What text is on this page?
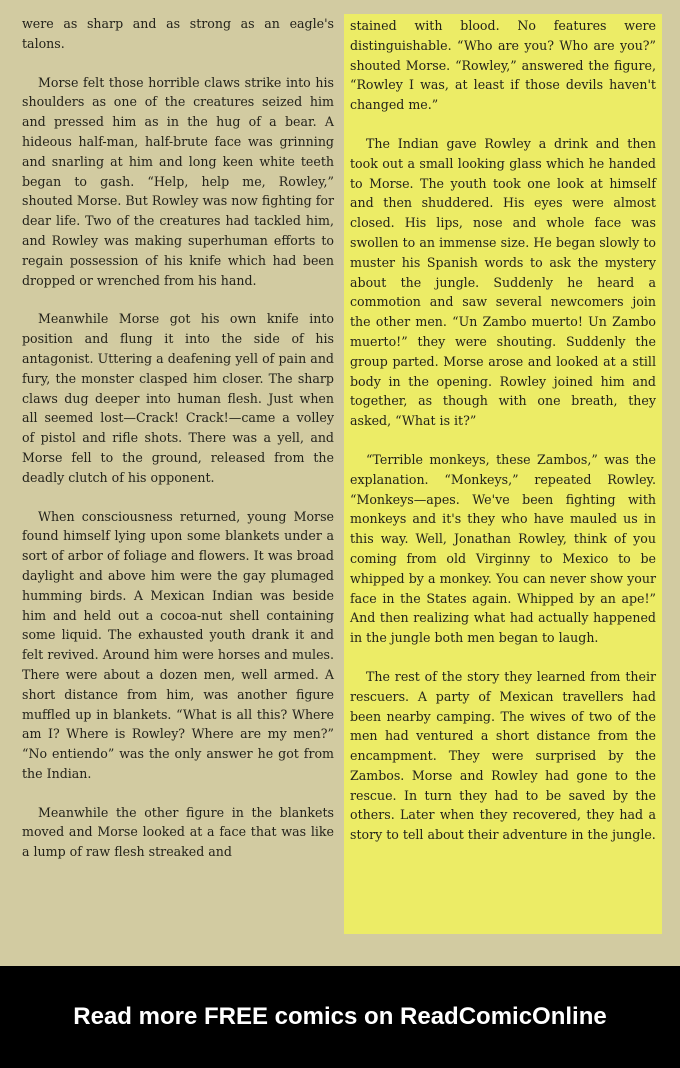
were as sharp and as strong as an eagle's talons.

Morse felt those horrible claws strike into his shoulders as one of the creatures seized him and pressed him as in the hug of a bear. A hideous half-man, half-brute face was grinning and snarling at him and long keen white teeth began to gash. “Help, help me, Rowley,” shouted Morse. But Rowley was now fighting for dear life. Two of the creatures had tackled him, and Rowley was making superhuman efforts to regain possession of his knife which had been dropped or wrenched from his hand.

Meanwhile Morse got his own knife into position and flung it into the side of his antagonist. Uttering a deafening yell of pain and fury, the monster clasped him closer. The sharp claws dug deeper into human flesh. Just when all seemed lost—Crack! Crack!—came a volley of pistol and rifle shots. There was a yell, and Morse fell to the ground, released from the deadly clutch of his opponent.

When consciousness returned, young Morse found himself lying upon some blankets under a sort of arbor of foliage and flowers. It was broad daylight and above him were the gay plumaged humming birds. A Mexican Indian was beside him and held out a cocoa-nut shell containing some liquid. The exhausted youth drank it and felt revived. Around him were horses and mules. There were about a dozen men, well armed. A short distance from him, was another figure muffled up in blankets. “What is all this? Where am I? Where is Rowley? Where are my men?” “No entiendo” was the only answer he got from the Indian.

Meanwhile the other figure in the blankets moved and Morse looked at a face that was like a lump of raw flesh streaked and

stained with blood. No features were distinguishable. “Who are you? Who are you?” shouted Morse. “Rowley,” answered the figure, “Rowley I was, at least if those devils haven't changed me.”

The Indian gave Rowley a drink and then took out a small looking glass which he handed to Morse. The youth took one look at himself and then shuddered. His eyes were almost closed. His lips, nose and whole face was swollen to an immense size. He began slowly to muster his Spanish words to ask the mystery about the jungle. Suddenly he heard a commotion and saw several newcomers join the other men. “Un Zambo muerto! Un Zambo muerto!” they were shouting. Suddenly the group parted. Morse arose and looked at a still body in the opening. Rowley joined him and together, as though with one breath, they asked, “What is it?”

“Terrible monkeys, these Zambos,” was the explanation. “Monkeys,” repeated Rowley. “Monkeys—apes. We've been fighting with monkeys and it's they who have mauled us in this way. Well, Jonathan Rowley, think of you coming from old Virginny to Mexico to be whipped by a monkey. You can never show your face in the States again. Whipped by an ape!” And then realizing what had actually happened in the jungle both men began to laugh.

The rest of the story they learned from their rescuers. A party of Mexican travellers had been nearby camping. The wives of two of the men had ventured a short distance from the encampment. They were surprised by the Zambos. Morse and Rowley had gone to the rescue. In turn they had to be saved by the others. Later when they recovered, they had a story to tell about their adventure in the jungle.

Read more FREE comics on ReadComicOnline
